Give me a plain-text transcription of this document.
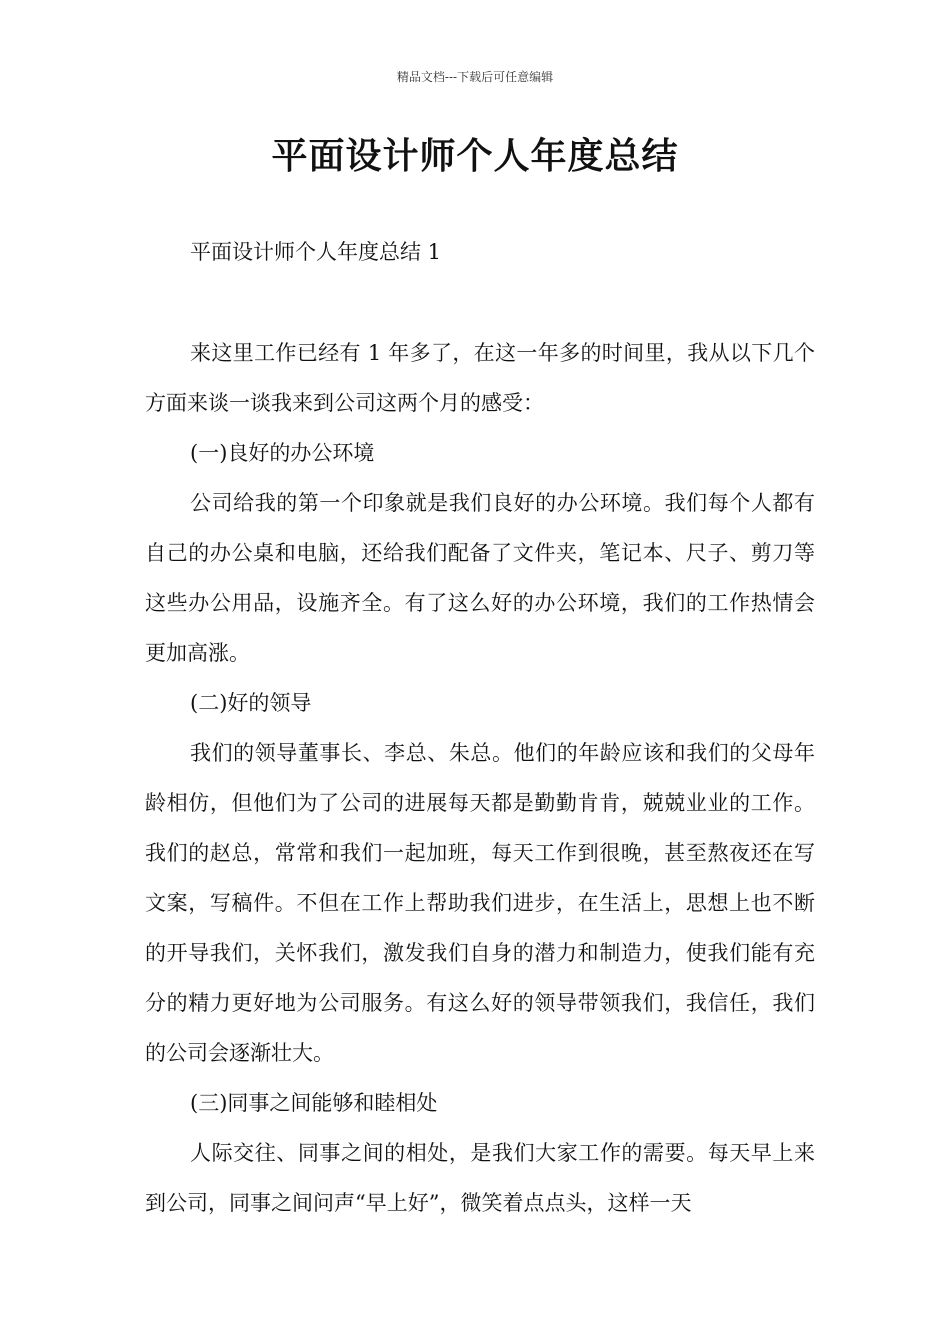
精品文档---下载后可任意编辑
平面设计师个人年度总结

平面设计师个人年度总结 1

来这里工作已经有 1 年多了，在这一年多的时间里，我从以下几个方面来谈一谈我来到公司这两个月的感受：

(一)良好的办公环境

公司给我的第一个印象就是我们良好的办公环境。我们每个人都有自己的办公桌和电脑，还给我们配备了文件夹，笔记本、尺子、剪刀等这些办公用品，设施齐全。有了这么好的办公环境，我们的工作热情会更加高涨。

(二)好的领导

我们的领导董事长、李总、朱总。他们的年龄应该和我们的父母年龄相仿，但他们为了公司的进展每天都是勤勤肯肯，兢兢业业的工作。我们的赵总，常常和我们一起加班，每天工作到很晚，甚至熬夜还在写文案，写稿件。不但在工作上帮助我们进步，在生活上，思想上也不断的开导我们，关怀我们，激发我们自身的潜力和制造力，使我们能有充分的精力更好地为公司服务。有这么好的领导带领我们，我信任，我们的公司会逐渐壮大。

(三)同事之间能够和睦相处

人际交往、同事之间的相处，是我们大家工作的需要。每天早上来到公司，同事之间问声“早上好”，微笑着点点头，这样一天
